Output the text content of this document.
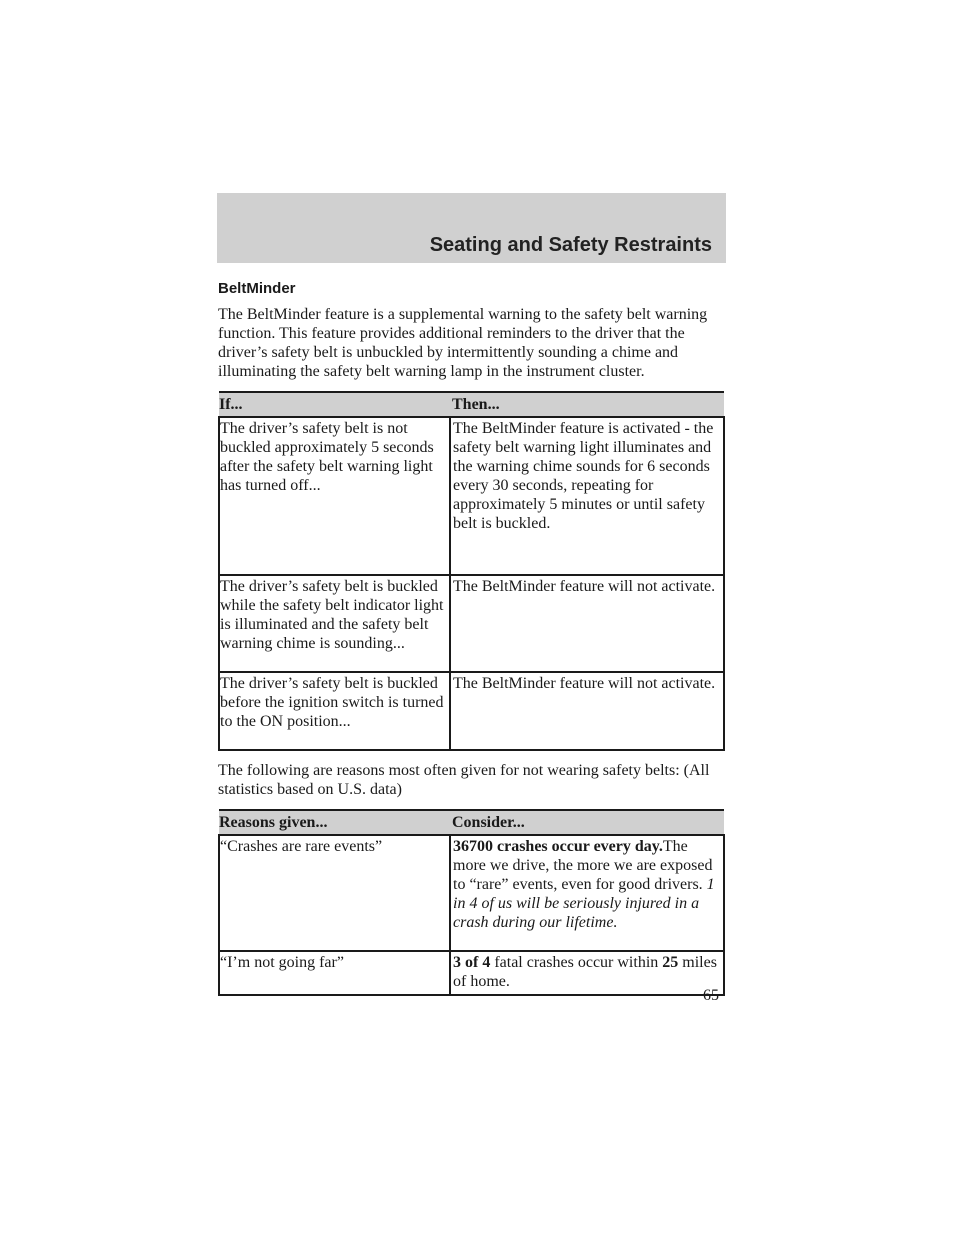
Seating and Safety Restraints
BeltMinder

The BeltMinder feature is a supplemental warning to the safety belt warning function. This feature provides additional reminders to the driver that the driver’s safety belt is unbuckled by intermittently sounding a chime and illuminating the safety belt warning lamp in the instrument cluster.

If...	Then...
The driver’s safety belt is not buckled approximately 5 seconds after the safety belt warning light has turned off...	The BeltMinder feature is activated - the safety belt warning light illuminates and the warning chime sounds for 6 seconds every 30 seconds, repeating for approximately 5 minutes or until safety belt is buckled.
The driver’s safety belt is buckled while the safety belt indicator light is illuminated and the safety belt warning chime is sounding...	The BeltMinder feature will not activate.
The driver’s safety belt is buckled before the ignition switch is turned to the ON position...	The BeltMinder feature will not activate.

The following are reasons most often given for not wearing safety belts: (All statistics based on U.S. data)

Reasons given...	Consider...
“Crashes are rare events”	36700 crashes occur every day.The more we drive, the more we are exposed to “rare” events, even for good drivers. 1 in 4 of us will be seriously injured in a crash during our lifetime.
“I’m not going far”	3 of 4 fatal crashes occur within 25 miles of home.
65
